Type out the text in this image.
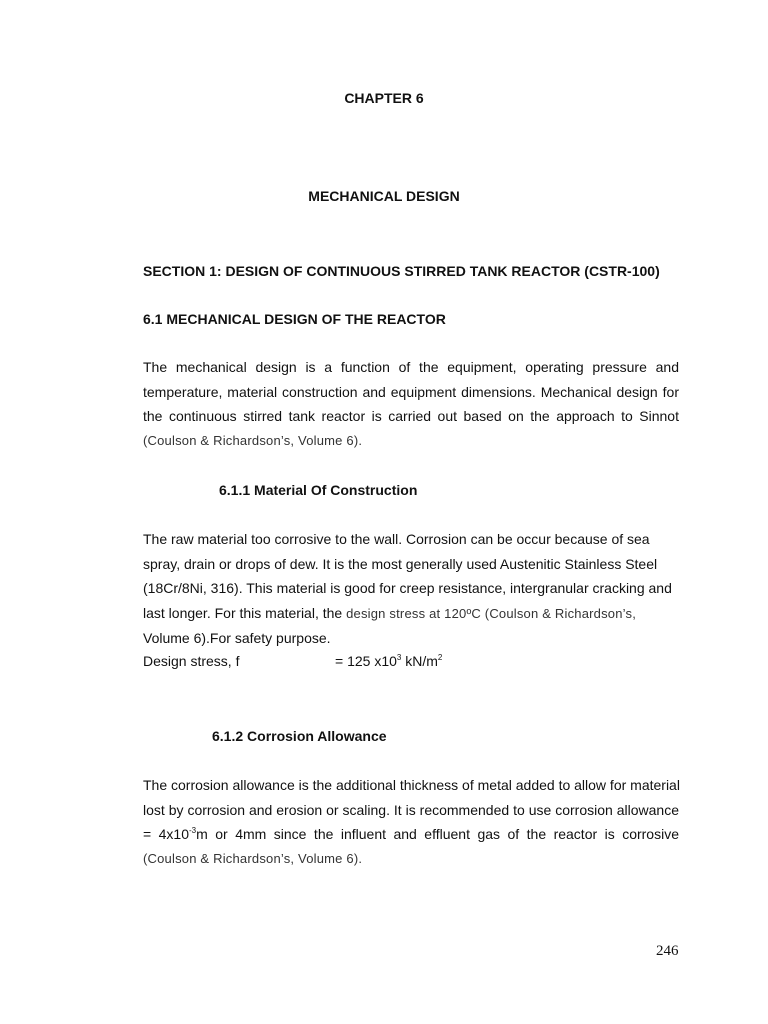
CHAPTER 6
MECHANICAL DESIGN
SECTION 1: DESIGN OF CONTINUOUS STIRRED TANK REACTOR (CSTR-100)
6.1 MECHANICAL DESIGN OF THE REACTOR
The mechanical design is a function of the equipment, operating pressure and
temperature, material construction and equipment dimensions. Mechanical design for
the continuous stirred tank reactor is carried out based on the approach to Sinnot
(Coulson & Richardson’s, Volume 6).
6.1.1 Material Of Construction
The raw material too corrosive to the wall. Corrosion can be occur because of sea
spray, drain or drops of dew. It is the most generally used Austenitic Stainless Steel
(18Cr/8Ni, 316). This material is good for creep resistance, intergranular cracking and
last longer. For this material, the design stress at 120ºC (Coulson & Richardson’s,
Volume 6).For safety purpose.
Design stress, f	= 125 $x10^3$ $kN/m^2$
6.1.2 Corrosion Allowance
The corrosion allowance is the additional thickness of metal added to allow for material
lost by corrosion and erosion or scaling. It is recommended to use corrosion allowance
= $4x10^{-3}m$ or 4mm since the influent and effluent gas of the reactor is corrosive
(Coulson & Richardson’s, Volume 6).
246
